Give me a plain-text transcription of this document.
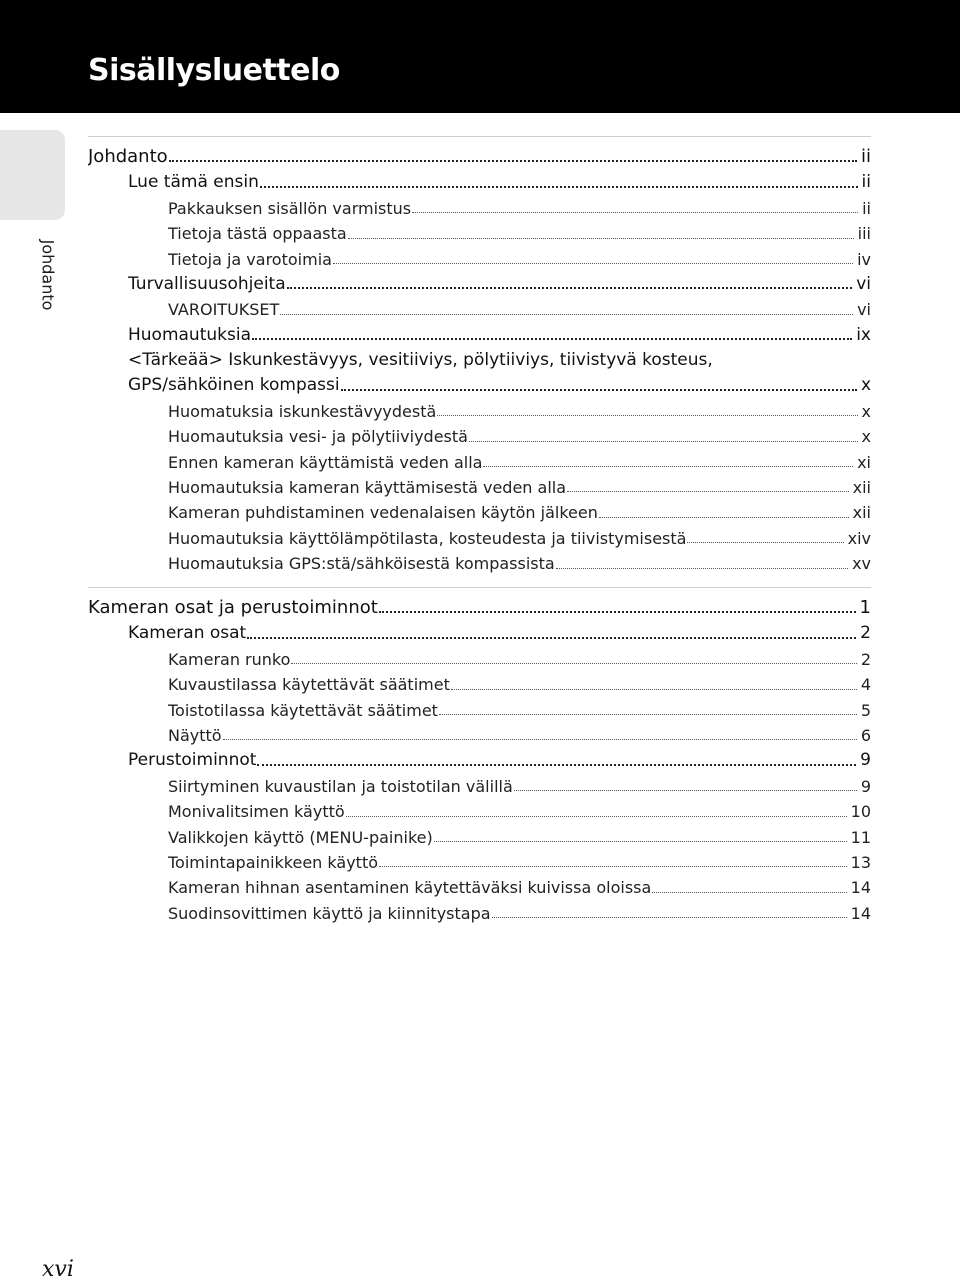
Sisällysluettelo
Johdanto
Johdanto	ii
Lue tämä ensin	ii
Pakkauksen sisällön varmistus	ii
Tietoja tästä oppaasta	iii
Tietoja ja varotoimia	iv
Turvallisuusohjeita	vi
VAROITUKSET	vi
Huomautuksia	ix
<Tärkeää> Iskunkestävyys, vesitiiviys, pölytiiviys, tiivistyvä kosteus,
GPS/sähköinen kompassi	x
Huomatuksia iskunkestävyydestä	x
Huomautuksia vesi- ja pölytiiviydestä	x
Ennen kameran käyttämistä veden alla	xi
Huomautuksia kameran käyttämisestä veden alla	xii
Kameran puhdistaminen vedenalaisen käytön jälkeen	xii
Huomautuksia käyttölämpötilasta, kosteudesta ja tiivistymisestä	xiv
Huomautuksia GPS:stä/sähköisestä kompassista	xv
Kameran osat ja perustoiminnot	1
Kameran osat	2
Kameran runko	2
Kuvaustilassa käytettävät säätimet	4
Toistotilassa käytettävät säätimet	5
Näyttö	6
Perustoiminnot	9
Siirtyminen kuvaustilan ja toistotilan välillä	9
Monivalitsimen käyttö	10
Valikkojen käyttö (MENU-painike)	11
Toimintapainikkeen käyttö	13
Kameran hihnan asentaminen käytettäväksi kuivissa oloissa	14
Suodinsovittimen käyttö ja kiinnitystapa	14
xvi
